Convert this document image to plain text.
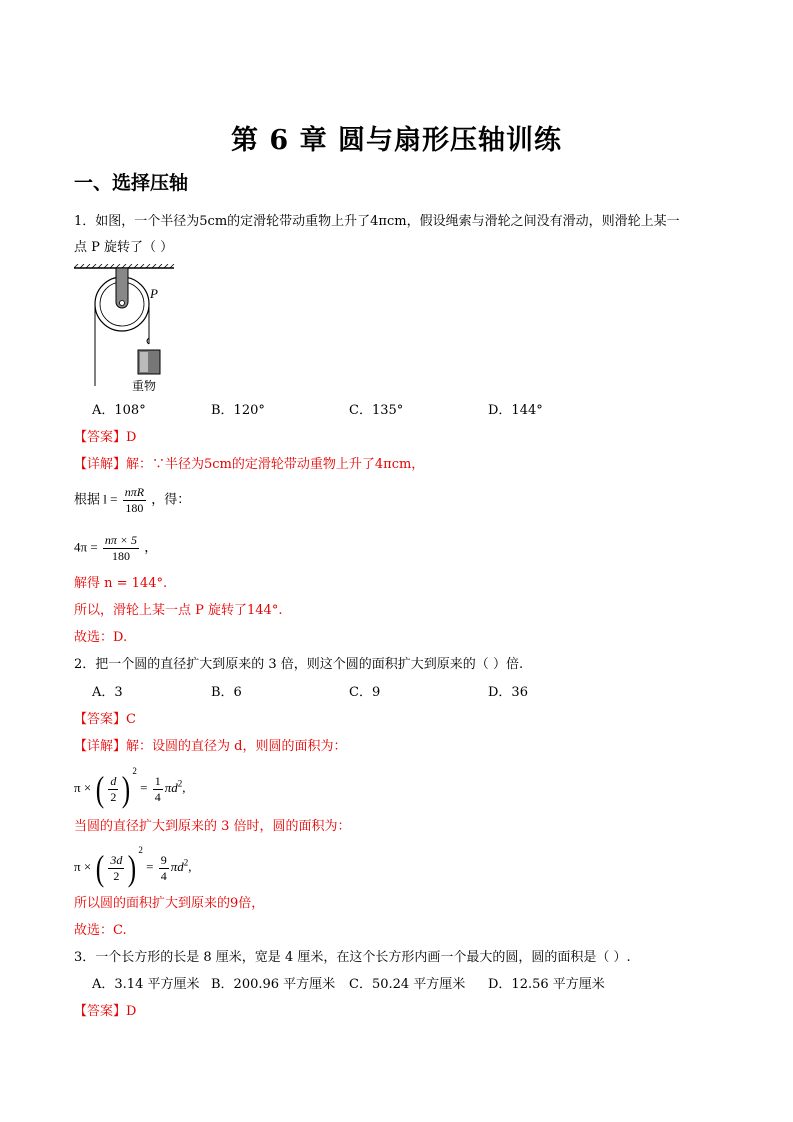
第 6 章 圆与扇形压轴训练
一、选择压轴
1．如图，一个半径为5cm的定滑轮带动重物上升了4πcm，假设绳索与滑轮之间没有滑动，则滑轮上某一
点 P 旋转了（ ）
P
重物
A．108°	B．120°	C．135°	D．144°
【答案】D
【详解】解：∵半径为5cm的定滑轮带动重物上升了4πcm，
根据 $l = \frac{\text{nπR}}{180}$ ，得：
$4\pi = \frac{n\pi \times 5}{180}$ ，
解得 n = 144°.
所以，滑轮上某一点 P 旋转了144°.
故选：D.
2．把一个圆的直径扩大到原来的 3 倍，则这个圆的面积扩大到原来的（ ）倍.
A．3	B．6	C．9	D．36
【答案】C
【详解】解：设圆的直径为 d，则圆的面积为：
π × ( $\frac{d}{2}$ ) $^2 = \frac{1}{4} \pi d^2$,
当圆的直径扩大到原来的 3 倍时，圆的面积为：
π × ( $\frac{3d}{2}$ ) $^2 = \frac{9}{4} \pi d^2$,
所以圆的面积扩大到原来的9倍，
故选：C.
3．一个长方形的长是 8 厘米，宽是 4 厘米，在这个长方形内画一个最大的圆，圆的面积是（ ）.
A．3.14 平方厘米 B．200.96 平方厘米 C．50.24 平方厘米 D．12.56 平方厘米
【答案】D
